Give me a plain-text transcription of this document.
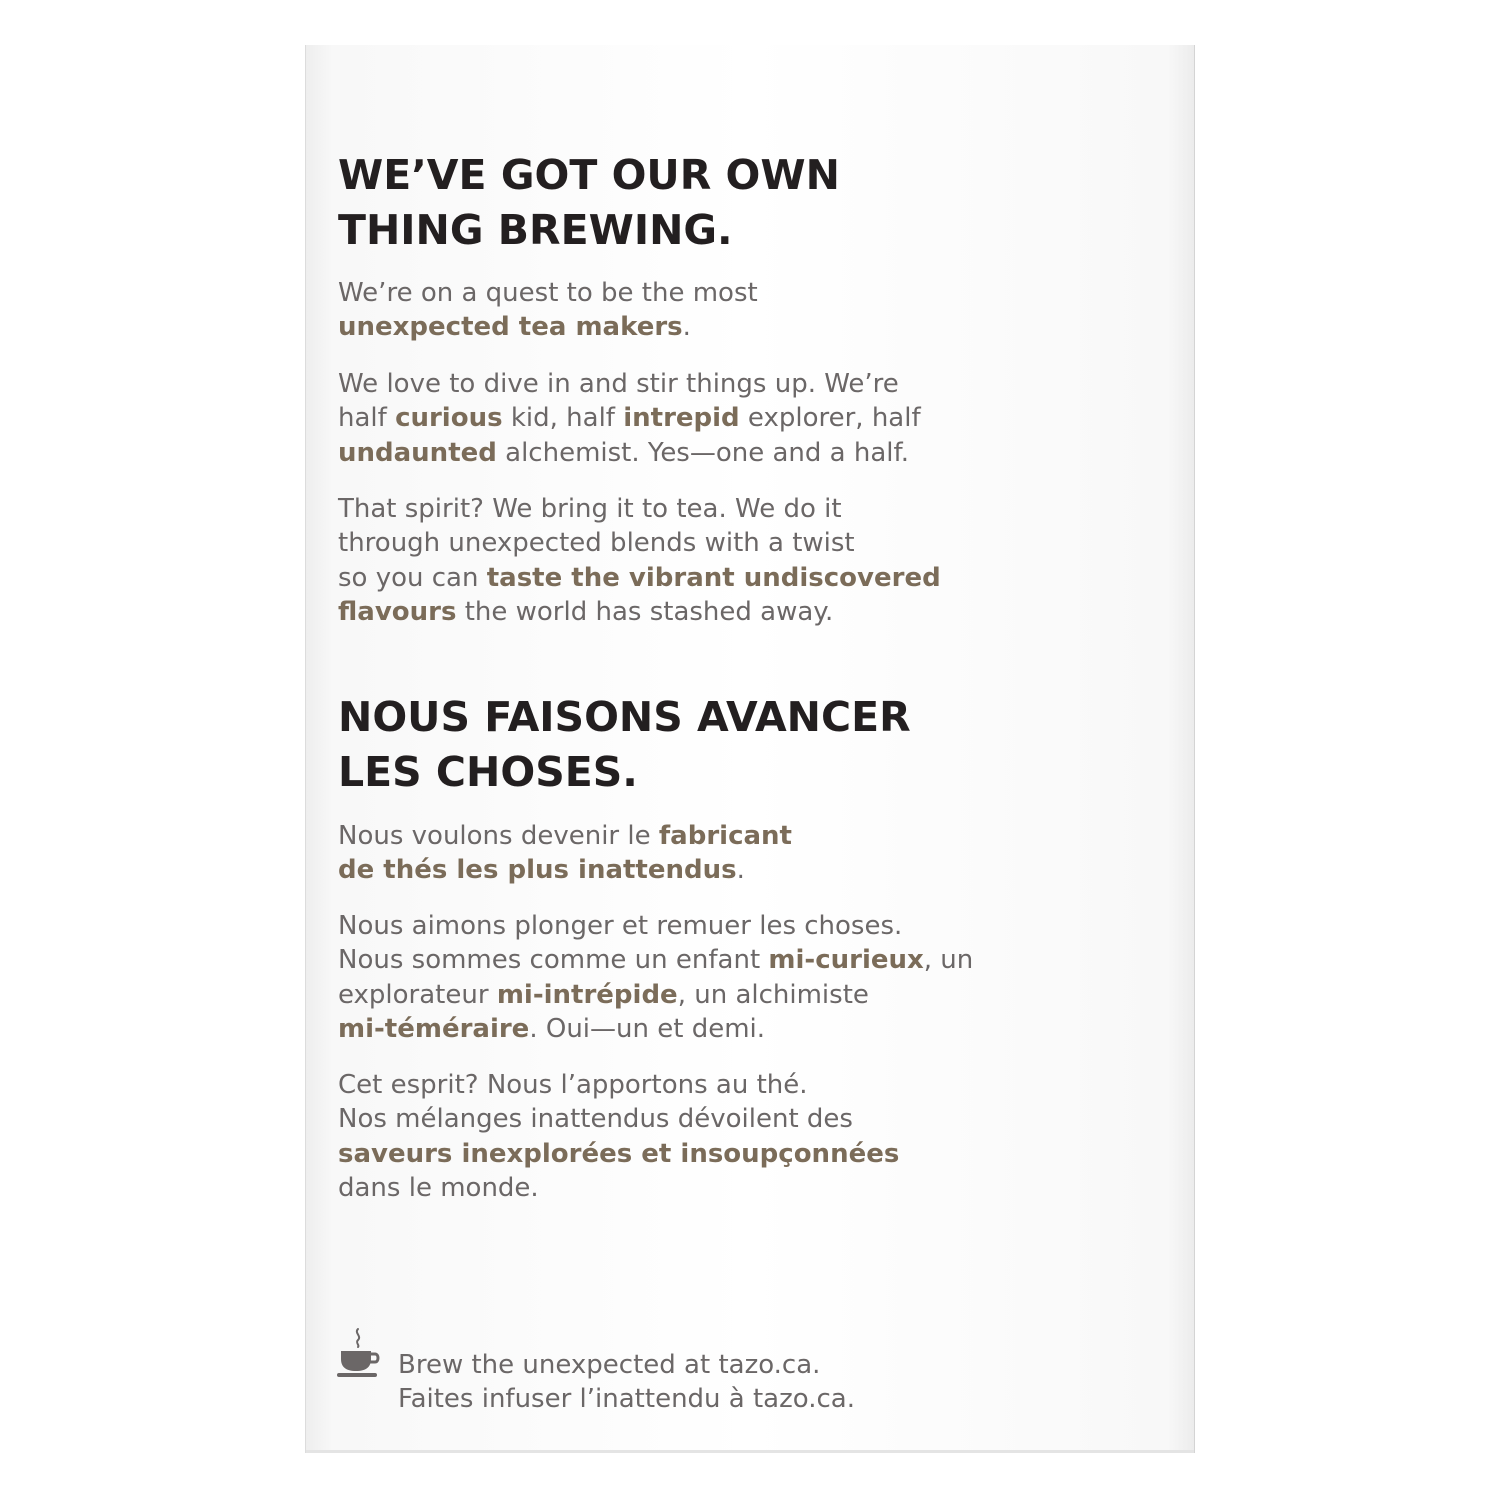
WE’VE GOT OUR OWN
THING BREWING.

We’re on a quest to be the most
unexpected tea makers.

We love to dive in and stir things up. We’re
half curious kid, half intrepid explorer, half
undaunted alchemist. Yes—one and a half.

That spirit? We bring it to tea. We do it
through unexpected blends with a twist
so you can taste the vibrant undiscovered
flavours the world has stashed away.

NOUS FAISONS AVANCER
LES CHOSES.

Nous voulons devenir le fabricant
de thés les plus inattendus.

Nous aimons plonger et remuer les choses.
Nous sommes comme un enfant mi-curieux, un
explorateur mi-intrépide, un alchimiste
mi-téméraire. Oui—un et demi.

Cet esprit? Nous l’apportons au thé.
Nos mélanges inattendus dévoilent des
saveurs inexplorées et insoupçonnées
dans le monde.

Brew the unexpected at tazo.ca.

Faites infuser l’inattendu à tazo.ca.
